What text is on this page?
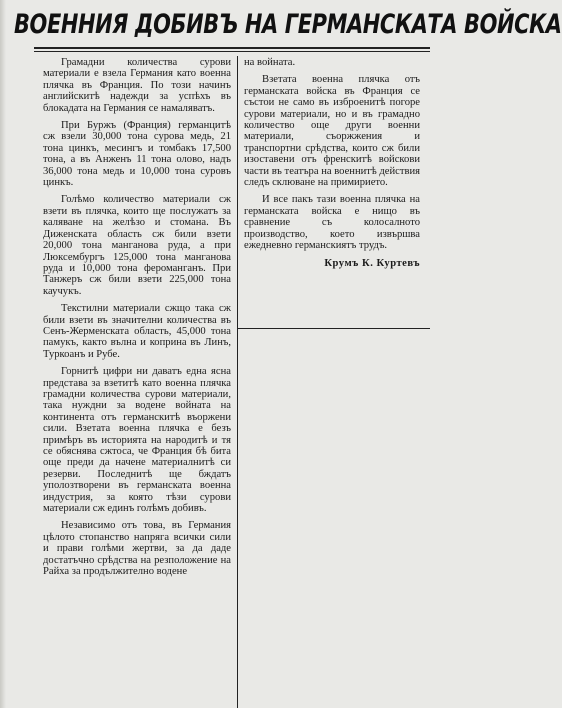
ВОЕННИЯ ДОБИВЪ НА ГЕРМАНСКАТА ВОЙСКА

Грамадни количества сурови материали е взела Германия като военна плячка въ Франция. По този начинъ английскитѣ надежди за успѣхъ въ блокадата на Германия се намаляватъ.

При Буржъ (Франция) германцитѣ сж взели 30,000 тона сурова медь, 21 тона цинкъ, месингъ и томбакъ 17,500 тона, а въ Анженъ 11 тона олово, надъ 36,000 тона медь и 10,000 тона суровъ цинкъ.

Голѣмо количество материали сж взети въ плячка, които ще послужатъ за каляване на желѣзо и стомана. Въ Диженската область сж били взети 20,000 тона манганова руда, а при Люксембургъ 125,000 тона манганова руда и 10,000 тона фероманганъ. При Танжеръ сж били взети 225,000 тона каучукъ.

Текстилни материали сжщо така сж били взети въ значителни количества въ Сенъ-Жерменската область, 45,000 тона памукъ, както вълна и коприна въ Линъ, Туркоанъ и Рубе.

Горнитѣ цифри ни даватъ една ясна представа за взетитѣ като военна плячка грамадни количества сурови материали, така нуждни за водене войната на континента отъ германскитѣ въоржени сили. Взетата военна плячка е безъ примѣръ въ историята на народитѣ и тя се обяснява сжтоса, че Франция бѣ бита още преди да начене материалнитѣ си резерви. Последнитѣ ще бждатъ уполозтворени въ германската военна индустрия, за която тѣзи сурови материали сж единъ голѣмъ добивъ.

Независимо отъ това, въ Германия цѣлото стопанство напряга всички сили и прави голѣми жертви, за да даде достатъчно срѣдства на резположение на Райха за продължително водене

на войната.

Взетата военна плячка отъ германската войска въ Франция се състои не само въ изброенитѣ погоре сурови материали, но и въ грамадно количество още други военни материали, съоржжения и транспортни срѣдства, които сж били изоставени отъ френскитѣ войскови части въ театъра на военнитѣ действия следъ склюване на примирието.

И все пакъ тази военна плячка на германската войска е нищо въ сравнение съ колосалното производство, което извършва ежедневно германскиятъ трудъ.

Крумъ К. Куртевъ
